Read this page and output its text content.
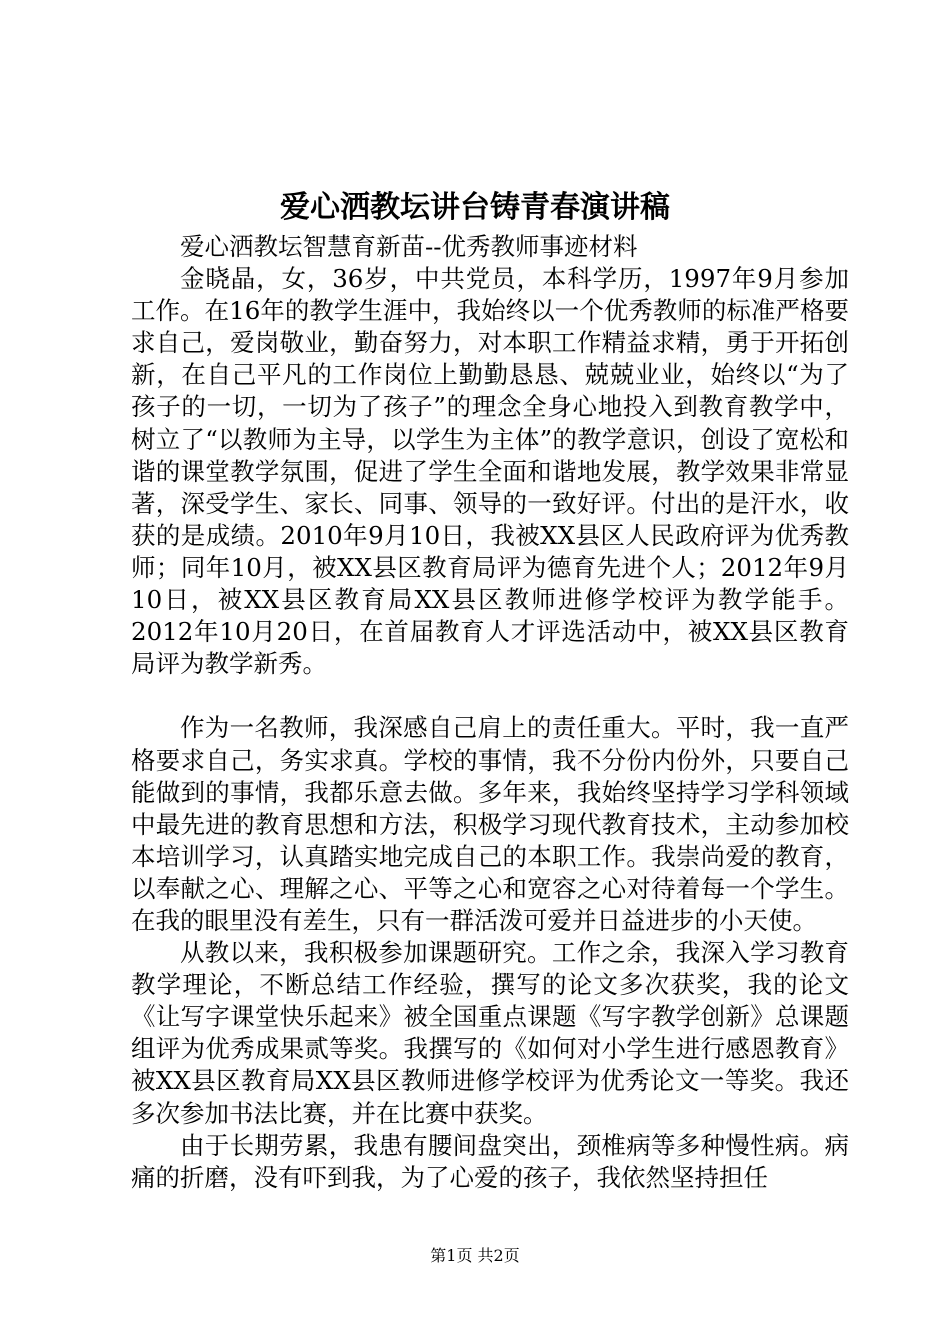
爱心洒教坛讲台铸青春演讲稿

爱心洒教坛智慧育新苗--优秀教师事迹材料

金晓晶，女，36岁，中共党员，本科学历，1997年9月参加工作。在16年的教学生涯中，我始终以一个优秀教师的标准严格要求自己，爱岗敬业，勤奋努力，对本职工作精益求精，勇于开拓创新，在自己平凡的工作岗位上勤勤恳恳、兢兢业业，始终以“为了孩子的一切，一切为了孩子”的理念全身心地投入到教育教学中，树立了“以教师为主导，以学生为主体”的教学意识，创设了宽松和谐的课堂教学氛围，促进了学生全面和谐地发展，教学效果非常显著，深受学生、家长、同事、领导的一致好评。付出的是汗水，收获的是成绩。2010年9月10日，我被XX县区人民政府评为优秀教师；同年10月，被XX县区教育局评为德育先进个人；2012年9月10日，被XX县区教育局XX县区教师进修学校评为教学能手。2012年10月20日，在首届教育人才评选活动中，被XX县区教育局评为教学新秀。

作为一名教师，我深感自己肩上的责任重大。平时，我一直严格要求自己，务实求真。学校的事情，我不分份内份外，只要自己能做到的事情，我都乐意去做。多年来，我始终坚持学习学科领域中最先进的教育思想和方法，积极学习现代教育技术，主动参加校本培训学习，认真踏实地完成自己的本职工作。我崇尚爱的教育，以奉献之心、理解之心、平等之心和宽容之心对待着每一个学生。在我的眼里没有差生，只有一群活泼可爱并日益进步的小天使。

从教以来，我积极参加课题研究。工作之余，我深入学习教育教学理论，不断总结工作经验，撰写的论文多次获奖，我的论文《让写字课堂快乐起来》被全国重点课题《写字教学创新》总课题组评为优秀成果贰等奖。我撰写的《如何对小学生进行感恩教育》被XX县区教育局XX县区教师进修学校评为优秀论文一等奖。我还多次参加书法比赛，并在比赛中获奖。

由于长期劳累，我患有腰间盘突出，颈椎病等多种慢性病。病痛的折磨，没有吓到我，为了心爱的孩子，我依然坚持担任

第1页 共2页
